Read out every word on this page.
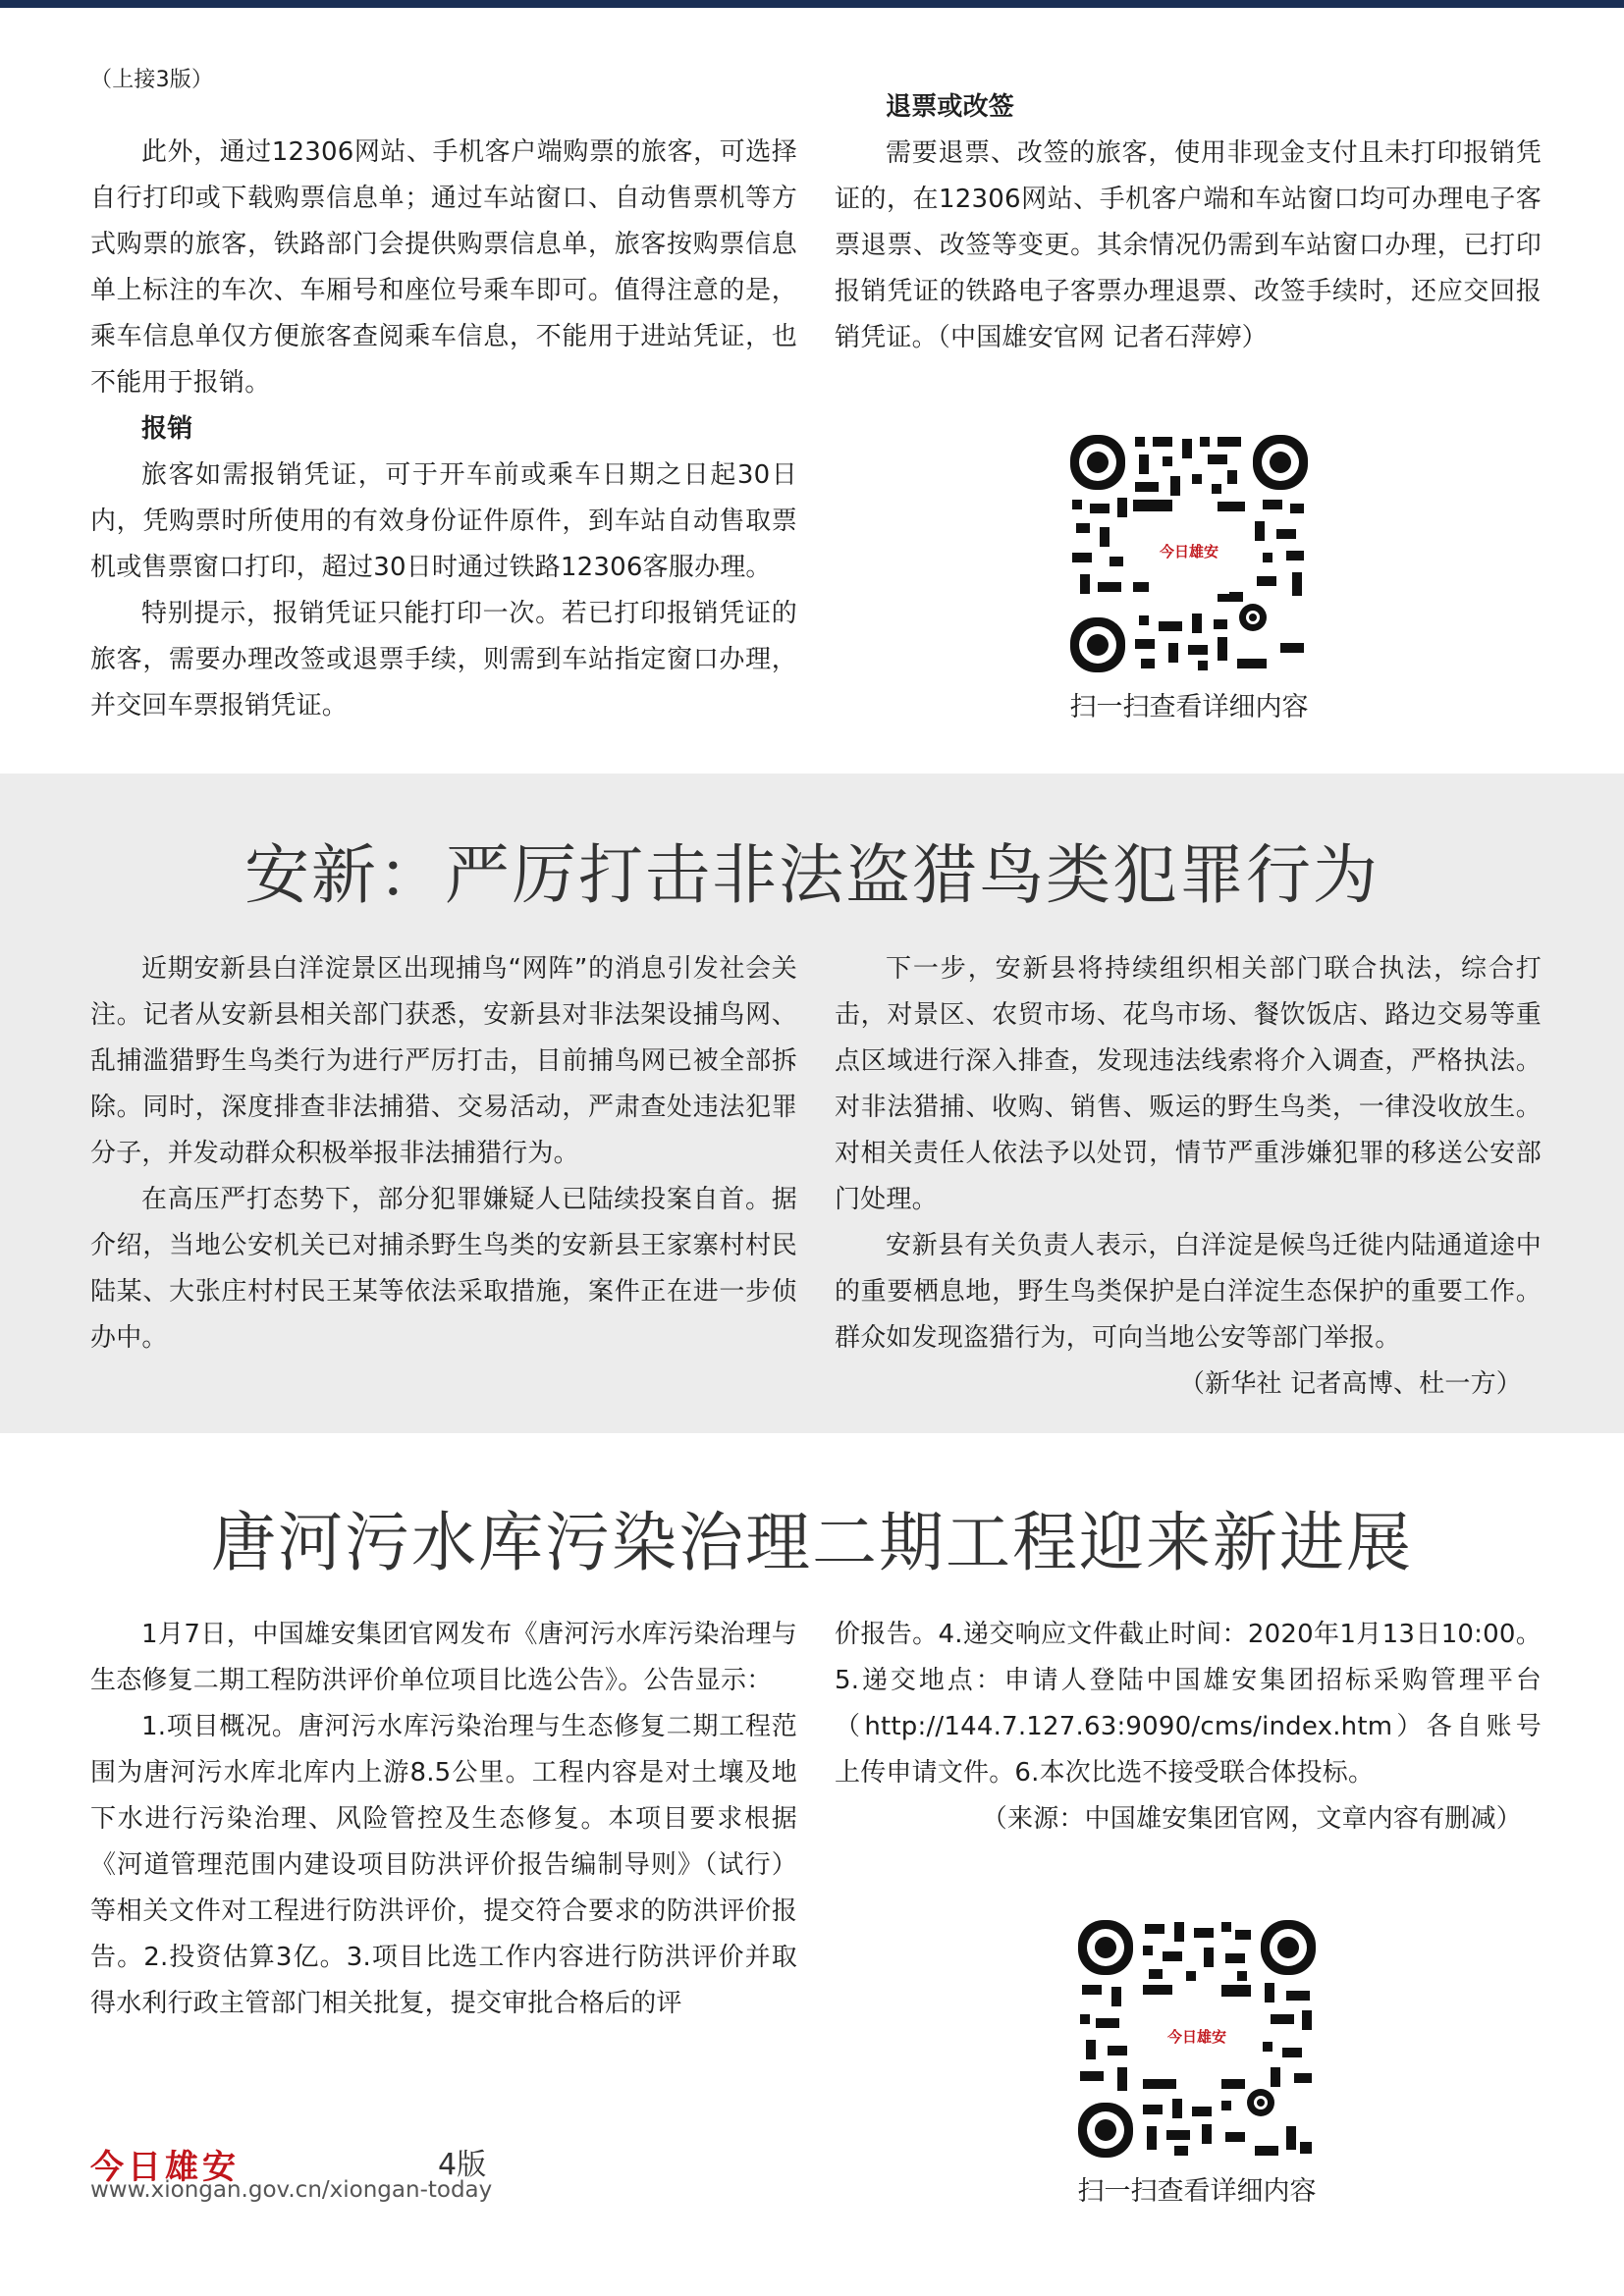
（上接3版）

此外，通过12306网站、手机客户端购票的旅客，可选择自行打印或下载购票信息单；通过车站窗口、自动售票机等方式购票的旅客，铁路部门会提供购票信息单，旅客按购票信息单上标注的车次、车厢号和座位号乘车即可。值得注意的是，乘车信息单仅方便旅客查阅乘车信息，不能用于进站凭证，也不能用于报销。

报销

旅客如需报销凭证，可于开车前或乘车日期之日起30日内，凭购票时所使用的有效身份证件原件，到车站自动售取票机或售票窗口打印，超过30日时通过铁路12306客服办理。

特别提示，报销凭证只能打印一次。若已打印报销凭证的旅客，需要办理改签或退票手续，则需到车站指定窗口办理，并交回车票报销凭证。

退票或改签

需要退票、改签的旅客，使用非现金支付且未打印报销凭证的，在12306网站、手机客户端和车站窗口均可办理电子客票退票、改签等变更。其余情况仍需到车站窗口办理，已打印报销凭证的铁路电子客票办理退票、改签手续时，还应交回报销凭证。（中国雄安官网 记者石萍婷）

今日雄安
扫一扫查看详细内容
安新：严厉打击非法盗猎鸟类犯罪行为

近期安新县白洋淀景区出现捕鸟“网阵”的消息引发社会关注。记者从安新县相关部门获悉，安新县对非法架设捕鸟网、乱捕滥猎野生鸟类行为进行严厉打击，目前捕鸟网已被全部拆除。同时，深度排查非法捕猎、交易活动，严肃查处违法犯罪分子，并发动群众积极举报非法捕猎行为。

在高压严打态势下，部分犯罪嫌疑人已陆续投案自首。据介绍，当地公安机关已对捕杀野生鸟类的安新县王家寨村村民陆某、大张庄村村民王某等依法采取措施，案件正在进一步侦办中。

下一步，安新县将持续组织相关部门联合执法，综合打击，对景区、农贸市场、花鸟市场、餐饮饭店、路边交易等重点区域进行深入排查，发现违法线索将介入调查，严格执法。对非法猎捕、收购、销售、贩运的野生鸟类，一律没收放生。对相关责任人依法予以处罚，情节严重涉嫌犯罪的移送公安部门处理。

安新县有关负责人表示，白洋淀是候鸟迁徙内陆通道途中的重要栖息地，野生鸟类保护是白洋淀生态保护的重要工作。群众如发现盗猎行为，可向当地公安等部门举报。

（新华社 记者高博、杜一方）

唐河污水库污染治理二期工程迎来新进展

1月7日，中国雄安集团官网发布《唐河污水库污染治理与生态修复二期工程防洪评价单位项目比选公告》。公告显示：

1.项目概况。唐河污水库污染治理与生态修复二期工程范围为唐河污水库北库内上游8.5公里。工程内容是对土壤及地下水进行污染治理、风险管控及生态修复。本项目要求根据《河道管理范围内建设项目防洪评价报告编制导则》（试行）等相关文件对工程进行防洪评价，提交符合要求的防洪评价报告。2.投资估算3亿。3.项目比选工作内容进行防洪评价并取得水利行政主管部门相关批复，提交审批合格后的评

价报告。4.递交响应文件截止时间：2020年1月13日10:00。5.递交地点：申请人登陆中国雄安集团招标采购管理平台（http://144.7.127.63:9090/cms/index.htm）各自账号上传申请文件。6.本次比选不接受联合体投标。

（来源：中国雄安集团官网，文章内容有删减）

今日雄安
扫一扫查看详细内容
今日雄安	4版
www.xiongan.gov.cn/xiongan-today
